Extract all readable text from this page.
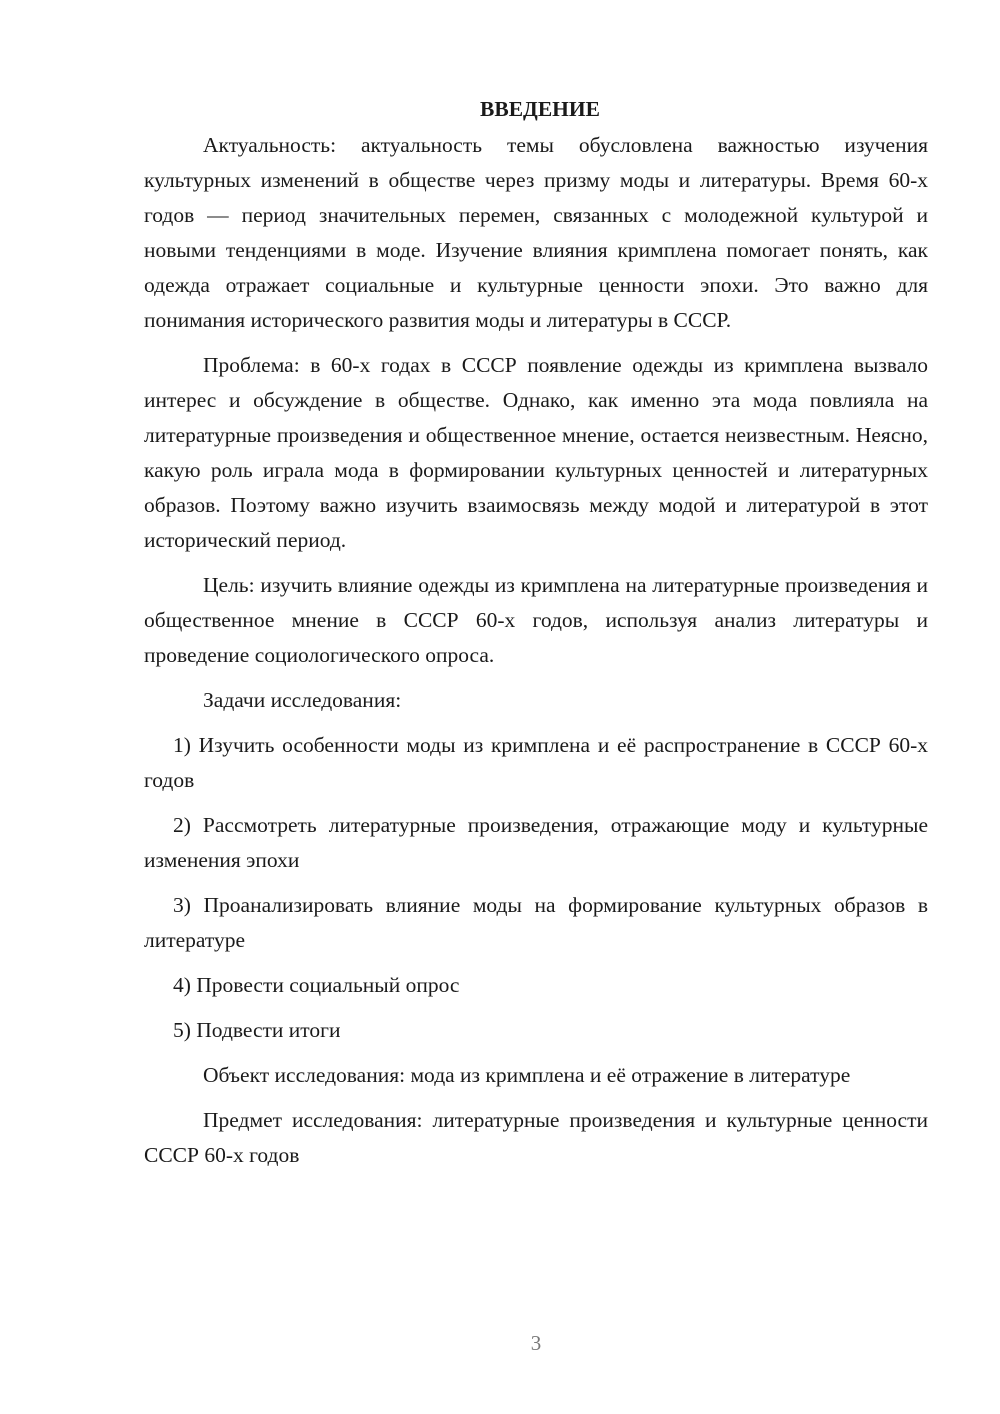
ВВЕДЕНИЕ

Актуальность: актуальность темы обусловлена важностью изучения культурных изменений в обществе через призму моды и литературы. Время 60-х годов — период значительных перемен, связанных с молодежной культурой и новыми тенденциями в моде. Изучение влияния кримплена помогает понять, как одежда отражает социальные и культурные ценности эпохи. Это важно для понимания исторического развития моды и литературы в СССР.

Проблема: в 60-х годах в СССР появление одежды из кримплена вызвало интерес и обсуждение в обществе. Однако, как именно эта мода повлияла на литературные произведения и общественное мнение, остается неизвестным. Неясно, какую роль играла мода в формировании культурных ценностей и литературных образов. Поэтому важно изучить взаимосвязь между модой и литературой в этот исторический период.

Цель: изучить влияние одежды из кримплена на литературные произведения и общественное мнение в СССР 60-х годов, используя анализ литературы и проведение социологического опроса.

Задачи исследования:

1) Изучить особенности моды из кримплена и её распространение в СССР 60-х годов

2) Рассмотреть литературные произведения, отражающие моду и культурные изменения эпохи

3) Проанализировать влияние моды на формирование культурных образов в литературе

4) Провести социальный опрос

5) Подвести итоги

Объект исследования: мода из кримплена и её отражение в литературе

Предмет исследования: литературные произведения и культурные ценности СССР 60-х годов

3
